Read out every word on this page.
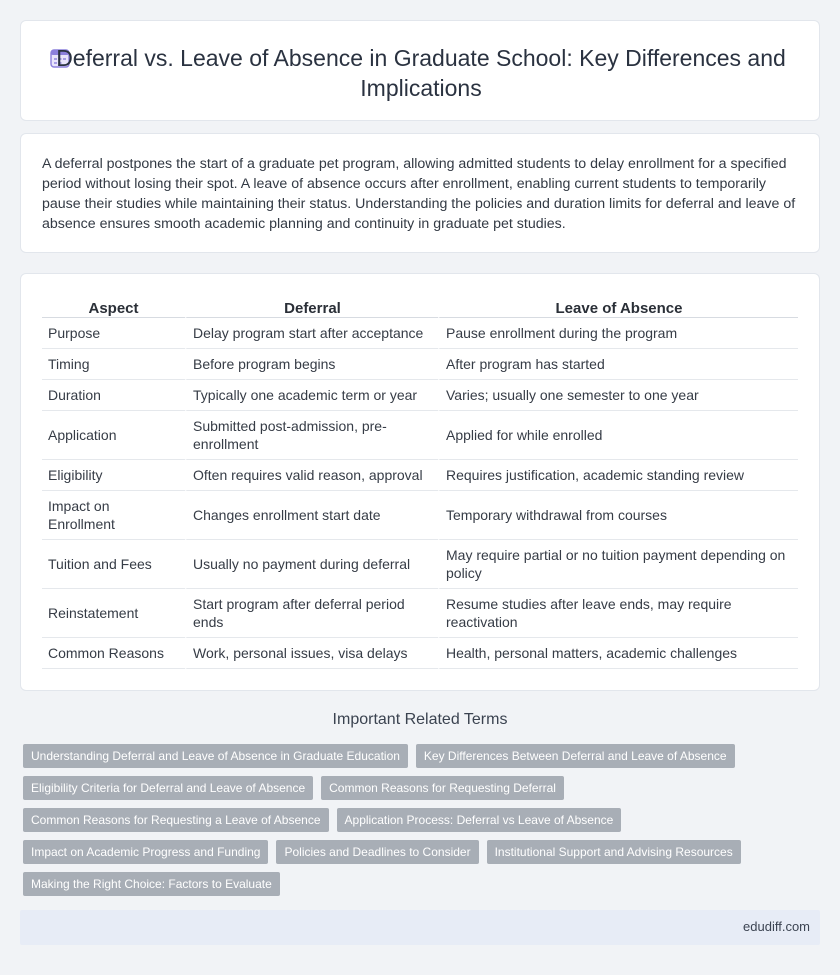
Deferral vs. Leave of Absence in Graduate School: Key Differences and Implications

A deferral postpones the start of a graduate pet program, allowing admitted students to delay enrollment for a specified period without losing their spot. A leave of absence occurs after enrollment, enabling current students to temporarily pause their studies while maintaining their status. Understanding the policies and duration limits for deferral and leave of absence ensures smooth academic planning and continuity in graduate pet studies.

Aspect	Deferral	Leave of Absence
Purpose	Delay program start after acceptance	Pause enrollment during the program
Timing	Before program begins	After program has started
Duration	Typically one academic term or year	Varies; usually one semester to one year
Application	Submitted post-admission, pre-enrollment	Applied for while enrolled
Eligibility	Often requires valid reason, approval	Requires justification, academic standing review
Impact on Enrollment	Changes enrollment start date	Temporary withdrawal from courses
Tuition and Fees	Usually no payment during deferral	May require partial or no tuition payment depending on policy
Reinstatement	Start program after deferral period ends	Resume studies after leave ends, may require reactivation
Common Reasons	Work, personal issues, visa delays	Health, personal matters, academic challenges
Important Related Terms
Understanding Deferral and Leave of Absence in Graduate Education	Key Differences Between Deferral and Leave of Absence
Eligibility Criteria for Deferral and Leave of Absence	Common Reasons for Requesting Deferral
Common Reasons for Requesting a Leave of Absence	Application Process: Deferral vs Leave of Absence
Impact on Academic Progress and Funding	Policies and Deadlines to Consider	Institutional Support and Advising Resources
Making the Right Choice: Factors to Evaluate
edudiff.com
